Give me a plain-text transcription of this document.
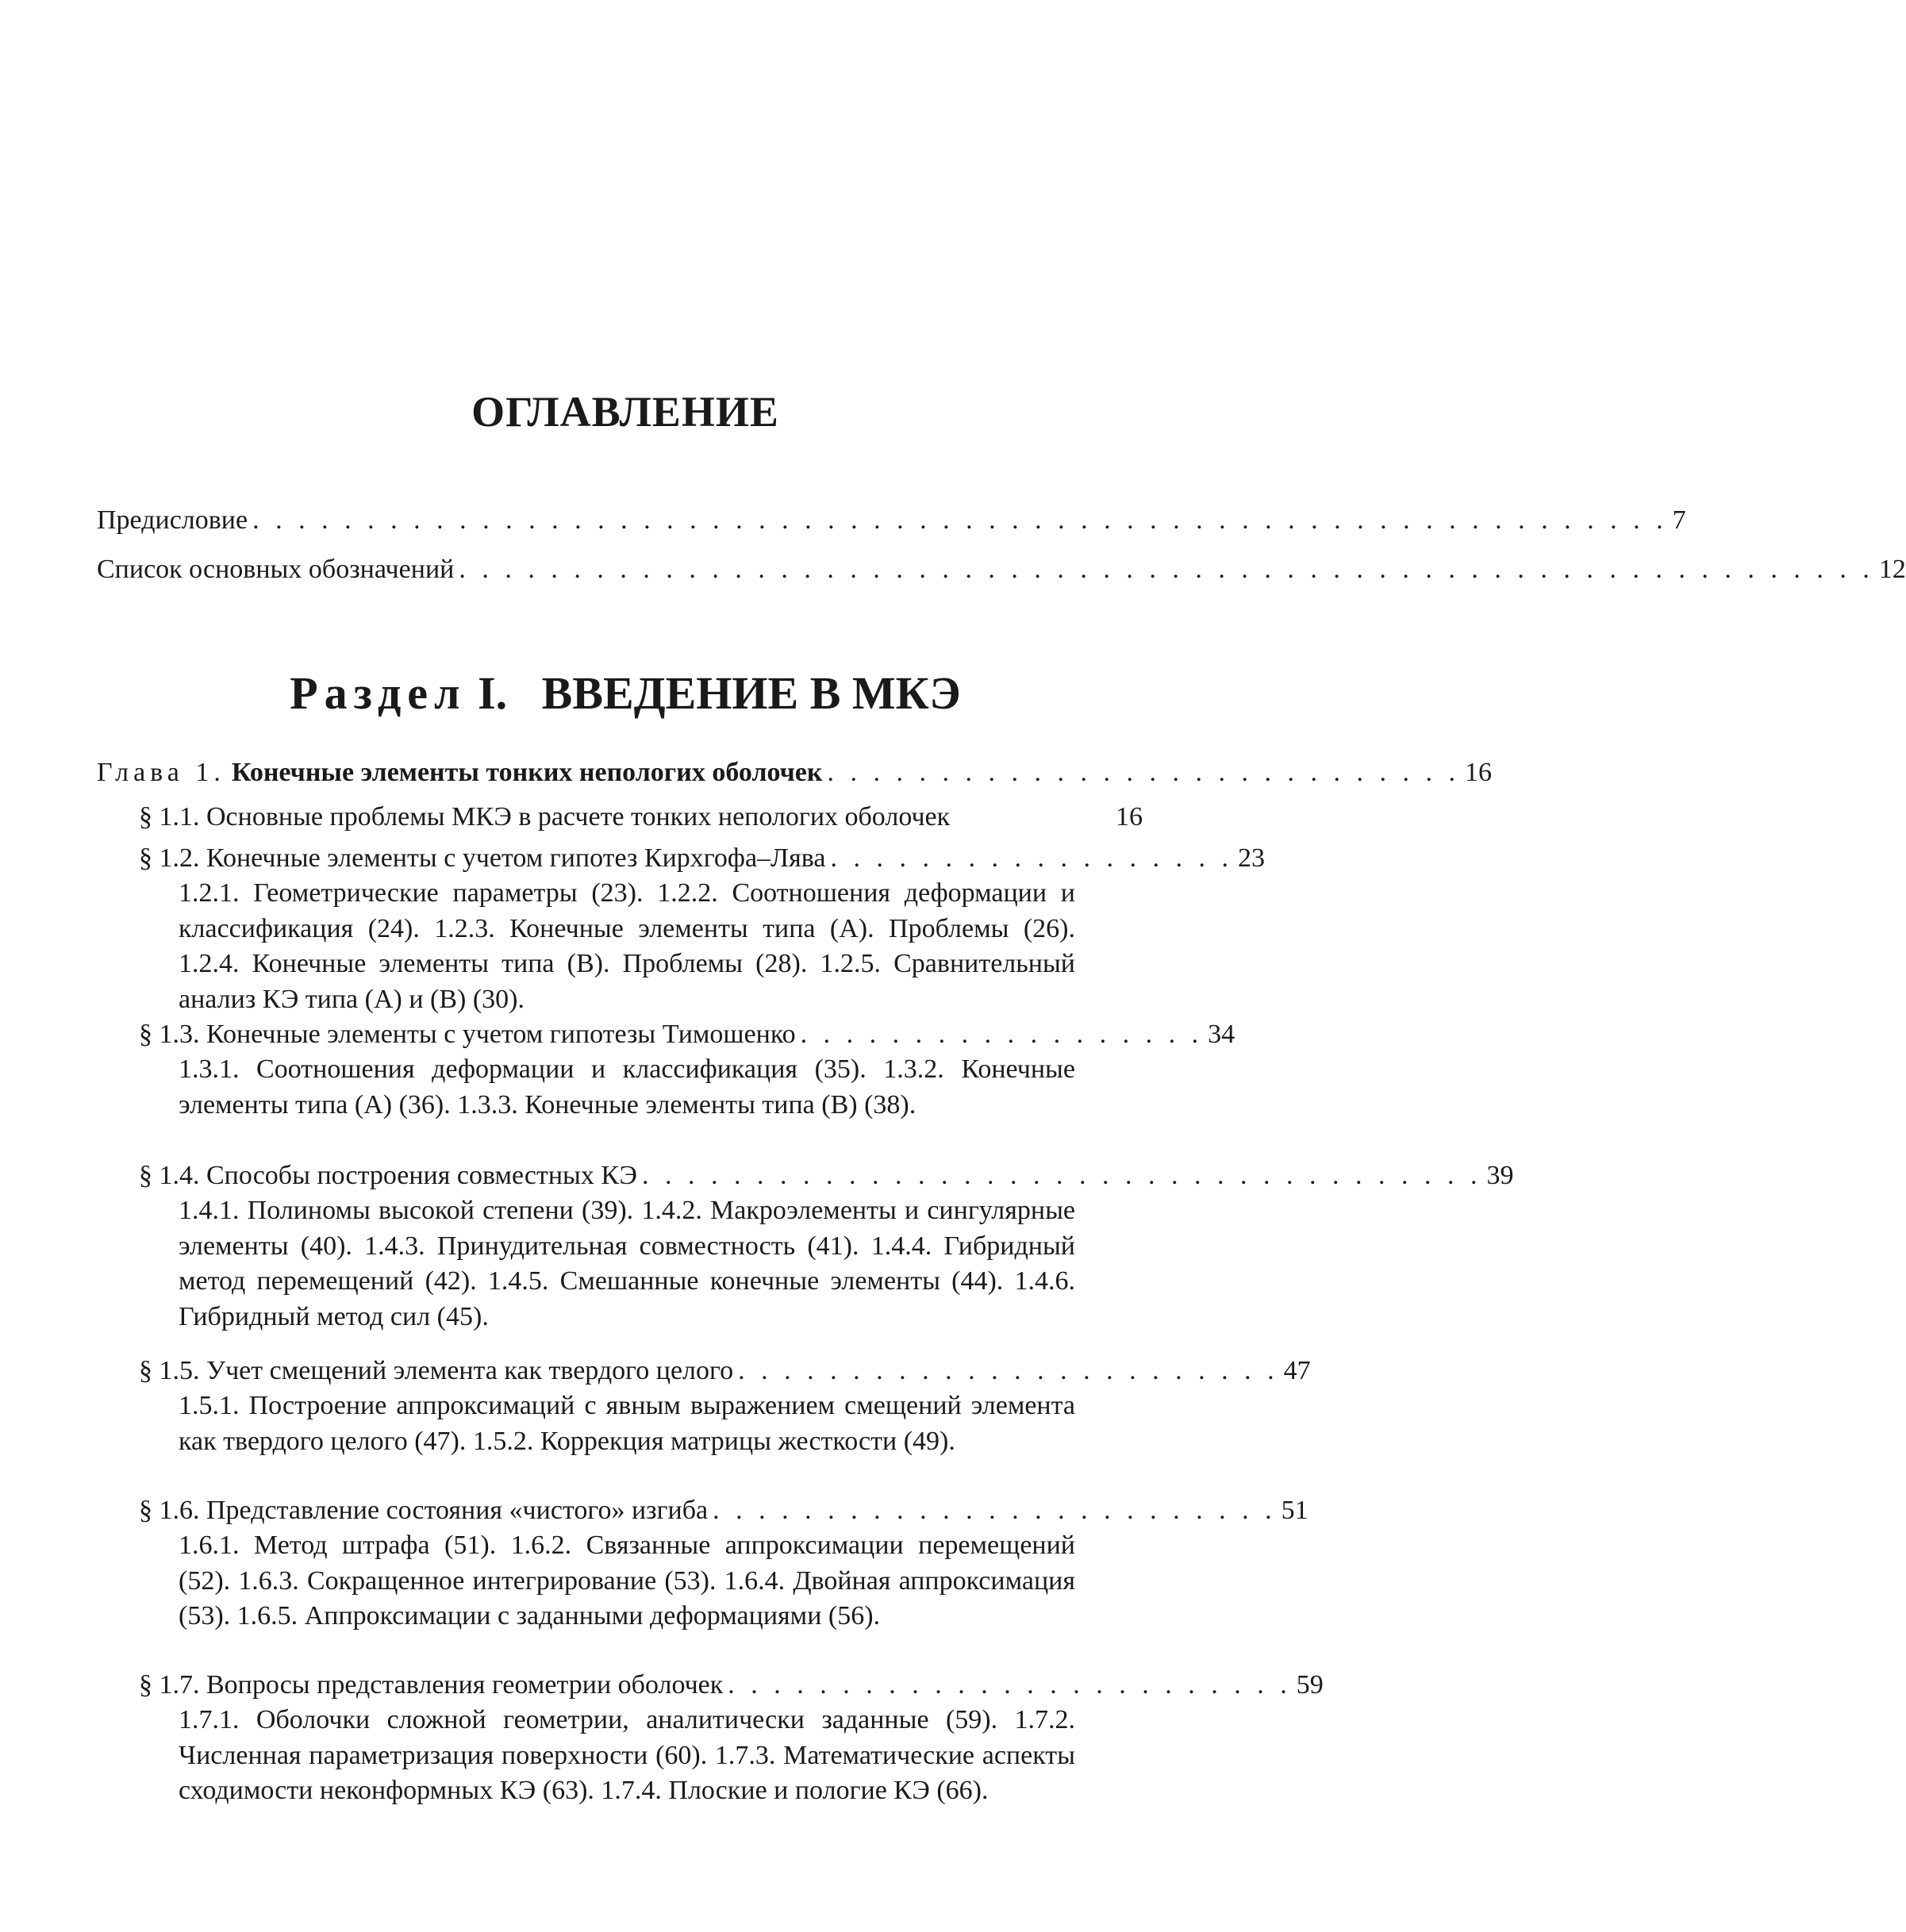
ОГЛАВЛЕНИЕ
Предисловие . . . . . . . . . . . . . . . . . . . . . . . . . . . . . . . . . . . . . . . . . . . . . . . . . . . . . . . . . . . . . . 7
Список основных обозначений . . . . . . . . . . . . . . . . . . . . . . . . . . . . . . . . . . . . . . . . . . . . . . . . . . . . . . . . . . . . . . 12
Раздел I. ВВЕДЕНИЕ В МКЭ
Глава 1. Конечные элементы тонких непологих оболочек . . . . . . . . . . . . . . . . . . . . . . . . . . . . 16
§ 1.1. Основные проблемы МКЭ в расчете тонких непологих оболочек	16
§ 1.2. Конечные элементы с учетом гипотез Кирхгофа–Лява . . . . . . . . . . . . . . . . . . 23
1.2.1. Геометрические параметры (23). 1.2.2. Соотношения деформации и классификация (24). 1.2.3. Конечные элементы типа (А). Проблемы (26). 1.2.4. Конечные элементы типа (В). Проблемы (28). 1.2.5. Сравнительный анализ КЭ типа (А) и (В) (30).
§ 1.3. Конечные элементы с учетом гипотезы Тимошенко . . . . . . . . . . . . . . . . . . 34
1.3.1. Соотношения деформации и классификация (35). 1.3.2. Конечные элементы типа (А) (36). 1.3.3. Конечные элементы типа (В) (38).
§ 1.4. Способы построения совместных КЭ . . . . . . . . . . . . . . . . . . . . . . . . . . . . . . . . . . . . . 39
1.4.1. Полиномы высокой степени (39). 1.4.2. Макроэлементы и сингулярные элементы (40). 1.4.3. Принудительная совместность (41). 1.4.4. Гибридный метод перемещений (42). 1.4.5. Смешанные конечные элементы (44). 1.4.6. Гибридный метод сил (45).
§ 1.5. Учет смещений элемента как твердого целого . . . . . . . . . . . . . . . . . . . . . . . . 47
1.5.1. Построение аппроксимаций с явным выражением смещений элемента как твердого целого (47). 1.5.2. Коррекция матрицы жесткости (49).
§ 1.6. Представление состояния «чистого» изгиба . . . . . . . . . . . . . . . . . . . . . . . . . 51
1.6.1. Метод штрафа (51). 1.6.2. Связанные аппроксимации перемещений (52). 1.6.3. Сокращенное интегрирование (53). 1.6.4. Двойная аппроксимация (53). 1.6.5. Аппроксимации с заданными деформациями (56).
§ 1.7. Вопросы представления геометрии оболочек . . . . . . . . . . . . . . . . . . . . . . . . . 59
1.7.1. Оболочки сложной геометрии, аналитически заданные (59). 1.7.2. Численная параметризация поверхности (60). 1.7.3. Математические аспекты сходимости неконформных КЭ (63). 1.7.4. Плоские и пологие КЭ (66).
